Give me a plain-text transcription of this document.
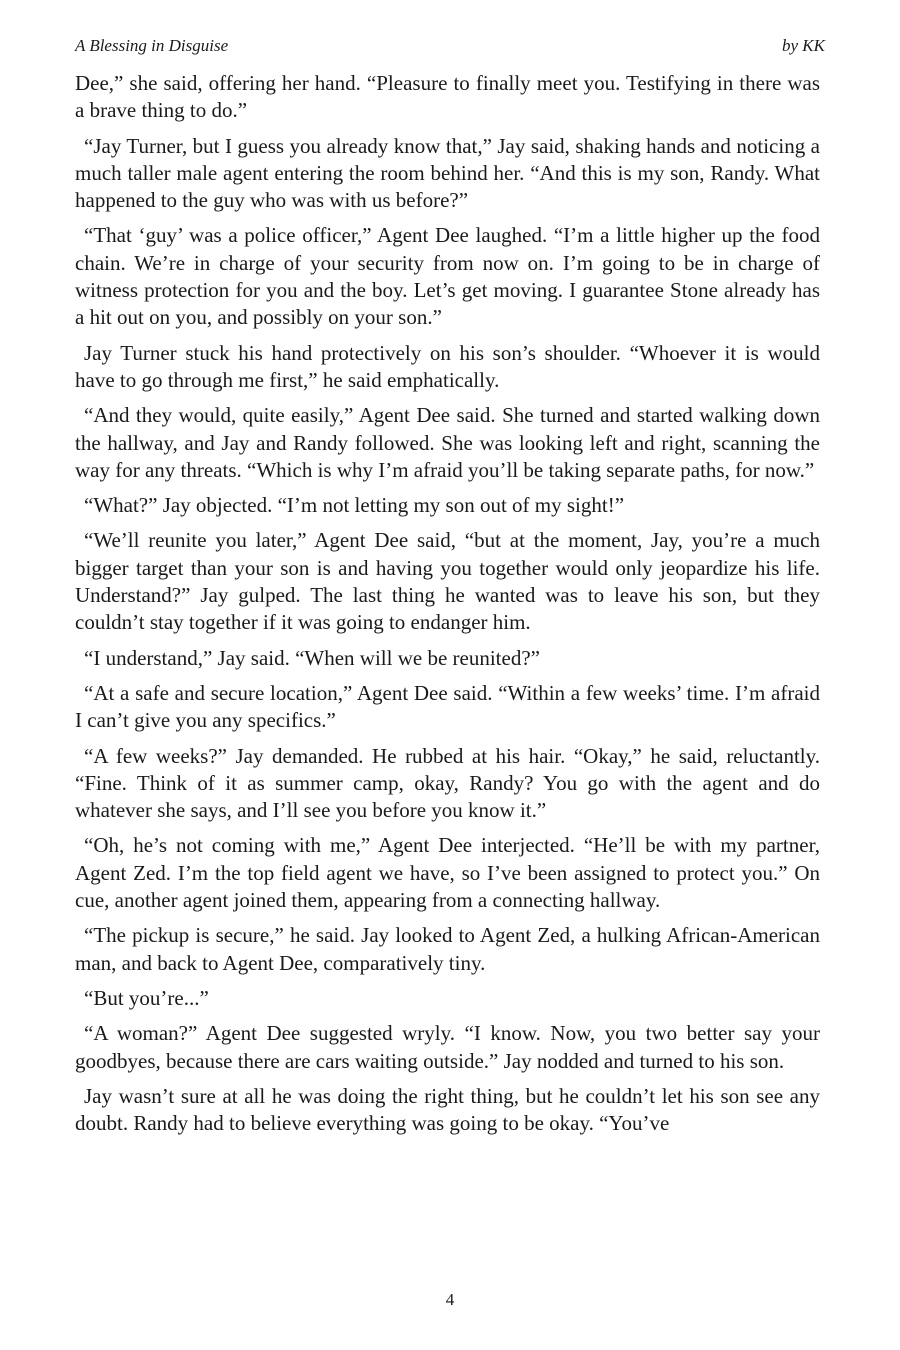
A Blessing in Disguise	by KK

Dee,” she said, offering her hand. “Pleasure to finally meet you. Testifying in there was a brave thing to do.”

“Jay Turner, but I guess you already know that,” Jay said, shaking hands and noticing a much taller male agent entering the room behind her. “And this is my son, Randy. What happened to the guy who was with us before?”

“That ‘guy’ was a police officer,” Agent Dee laughed. “I’m a little higher up the food chain. We’re in charge of your security from now on. I’m going to be in charge of witness protection for you and the boy. Let’s get moving. I guarantee Stone already has a hit out on you, and possibly on your son.”

Jay Turner stuck his hand protectively on his son’s shoulder. “Whoever it is would have to go through me first,” he said emphatically.

“And they would, quite easily,” Agent Dee said. She turned and started walking down the hallway, and Jay and Randy followed. She was looking left and right, scanning the way for any threats. “Which is why I’m afraid you’ll be taking separate paths, for now.”

“What?” Jay objected. “I’m not letting my son out of my sight!”

“We’ll reunite you later,” Agent Dee said, “but at the moment, Jay, you’re a much bigger target than your son is and having you together would only jeopardize his life. Understand?” Jay gulped. The last thing he wanted was to leave his son, but they couldn’t stay together if it was going to endanger him.

“I understand,” Jay said. “When will we be reunited?”

“At a safe and secure location,” Agent Dee said. “Within a few weeks’ time. I’m afraid I can’t give you any specifics.”

“A few weeks?” Jay demanded. He rubbed at his hair. “Okay,” he said, reluctantly. “Fine. Think of it as summer camp, okay, Randy? You go with the agent and do whatever she says, and I’ll see you before you know it.”

“Oh, he’s not coming with me,” Agent Dee interjected. “He’ll be with my partner, Agent Zed. I’m the top field agent we have, so I’ve been assigned to protect you.” On cue, another agent joined them, appearing from a connecting hallway.

“The pickup is secure,” he said. Jay looked to Agent Zed, a hulking African-American man, and back to Agent Dee, comparatively tiny.

“But you’re...”

“A woman?” Agent Dee suggested wryly. “I know. Now, you two better say your goodbyes, because there are cars waiting outside.” Jay nodded and turned to his son.

Jay wasn’t sure at all he was doing the right thing, but he couldn’t let his son see any doubt. Randy had to believe everything was going to be okay. “You’ve

4
